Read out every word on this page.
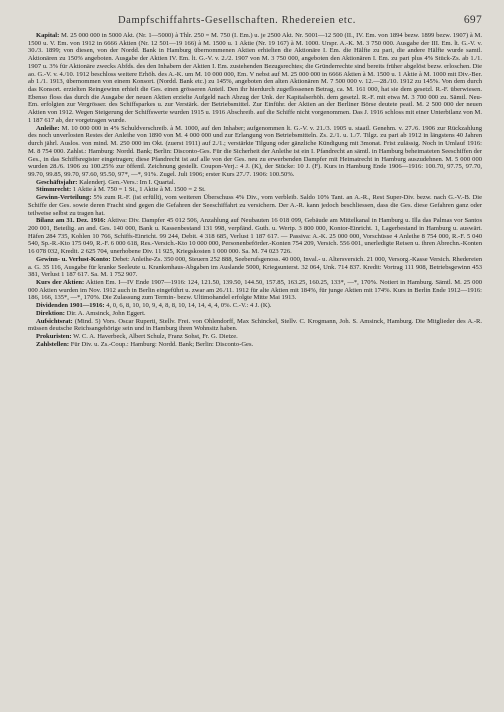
Dampfschiffahrts-Gesellschaften. Rhedereien etc.	697

Kapital: M. 25 000 000 in 5000 Akt. (Nr. 1—5000) à Thlr. 250 = M. 750 (I. Em.) u. je 2500 Akt. Nr. 5001—12 500 (II., IV. Em. von 1894 bezw. 1899 bezw. 1907) à M. 1500 u. V. Em. von 1912 in 6666 Aktien (Nr. 12 501—19 166) à M. 1500 u. 1 Aktie (Nr. 19 167) à M. 1000. Urspr. A.-K. M. 3 750 000. Ausgabe der III. Em. lt. G.-V. v. 30./3. 1899; von diesen, von der Nordd. Bank in Hamburg übernommenen Aktien erhielten die Aktionäre I. Em. die Hälfte zu pari, die andere Hälfte wurde samtl. Aktionären zu 150% angeboten. Ausgabe der Aktien IV. Em. lt. G.-V. v. 2./2. 1907 von M. 3 750 000, angeboten den Aktionären I. Em. zu pari plus 4% Stück-Zs. ab 1./1. 1907 u. 3% für Aktionäre zwecks Abfds. des den Inhabern der Aktien I. Em. zustehenden Bezugsrechtes; die Gründerrechte sind bereits früher abgelöst bezw. erloschen. Die ao. G.-V. v. 4./10. 1912 beschloss weitere Erhöh. des A.-K. um M. 10 000 000, Em. V nebst auf M. 25 000 000 in 6666 Aktien à M. 1500 u. 1 Aktie à M. 1000 mit Div.-Ber. ab 1./1. 1913, übernommen von einem Konsort. (Nordd. Bank etc.) zu 145%, angeboten den alten Aktionären M. 7 500 000 v. 12.—28./10. 1912 zu 145%. Von dem durch das Konsort. erzielten Reingewinn erhielt die Ges. einen grösseren Anteil. Den ihr hierdurch zugeflossenen Betrag, ca. M. 161 000, hat sie dem gesetzl. R.-F. überwiesen. Ebenso floss das durch die Ausgabe der neuen Aktien erzielte Aufgeld nach Abzug der Unk. der Kapitalserhöh. dem gesetzl. R.-F. mit etwa M. 3 700 000 zu. Sämtl. Neu-Em. erfolgten zur Vergrösser. des Schiffsparkes u. zur Verstärk. der Betriebsmittel. Zur Einführ. der Aktien an der Berliner Börse deutete peatl. M. 2 500 000 der neuen Aktien von 1912. Wegen Steigerung der Schiffswerte wurden 1915 u. 1916 Abschreib. auf die Schiffe nicht vorgenommen. Das J. 1916 schloss mit einer Unterbilanz von M. 1 187 617 ab, der vorgetragen wurde.

Anleihe: M. 10 000 000 in 4% Schuldverschreib. à M. 1000, auf den Inhaber; aufgenommen lt. G.-V. v. 21./3. 1905 u. staatl. Genehm. v. 27./6. 1906 zur Rückzahlung des noch unverlosten Restes der Anleihe von 1890 von M. 4 000 000 und zur Erlangung von Betriebsmitteln. Zs. 2./1. u. 1./7. Tilgz. zu pari ab 1912 in längstens 40 Jahren durch jährl. Auslos. von mind. M. 250 000 im Okt. (zuerst 1911) auf 2./1.; verstärkte Tilgung oder gänzliche Kündigung mit 3monat. Frist zulässig. Noch in Umlauf 1916: M. 8 754 000. Zahlst.: Hamburg: Nordd. Bank; Berlin: Disconto-Ges. Für die Sicherheit der Anleihe ist ein I. Pfandrecht an sämtl. in Hamburg beheimateten Seeschiffen der Ges., in das Schiffsregister eingetragen; diese Pfandrecht ist auf alle von der Ges. neu zu erwerbenden Dampfer mit Heimatrecht in Hamburg auszudehnen. M. 5 000 000 wurden 28./6. 1906 zu 100.25% zur öffentl. Zeichnung gestellt. Coupon-Verj.: 4 J. (K), der Stücke: 10 J. (F). Kurs in Hamburg Ende 1906—1916: 100.70, 97.75, 97.70, 99.70, 99.85, 99.70, 97.60, 95.50, 97*, —*, 91%. Zugel. Juli 1906; erster Kurs 27./7. 1906: 100.50%.

Geschäftsjahr: Kalenderj. Gen.-Vers.: Im I. Quartal.

Stimmrecht: 1 Aktie à M. 750 = 1 St., 1 Aktie à M. 1500 = 2 St.

Gewinn-Verteilung: 5% zum R.-F. (ist erfüllt), vom weiteren Überschuss 4% Div., vom verbleib. Saldo 10% Tant. an A.-R., Rest Super-Div. bezw. nach G.-V.-B. Die Schiffe der Ges. sowie deren Fracht sind gegen die Gefahren der Seeschiffahrt zu versichern. Der A.-R. kann jedoch beschliessen, dass die Ges. diese Gefahren ganz oder teilweise selbst zu tragen hat.

Bilanz am 31. Dez. 1916: Aktiva: Div. Dampfer 45 012 506, Anzahlung auf Neubauten 16 018 099, Gebäude am Mittelkanal in Hamburg u. Illa das Palmas vor Santos 200 001, Beteilig. an and. Ges. 140 000, Bank u. Kassenbestand 131 998, verpfänd. Guth. u. Wertp. 3 800 000, Kontor-Einricht. 1, Lagerbestand in Hamburg u. auswärt. Häfen 284 735, Kohlen 10 766, Schiffs-Einricht. 99 244, Debit. 4 318 685, Verlust 1 187 617. — Passiva: A.-K. 25 000 000, Vorschüsse 4 Anleihe 8 754 000, R.-F. 5 040 540, Sp.-R.-Kto 175 049, R.-F. 6 000 618, Res.-Versich.-Kto 10 000 000, Personenbeförder.-Konten 754 209, Versich. 556 001, unerledigte Reisen u. ihren Abrechn.-Konten 16 078 032, Kredit. 2 625 704, unerhobene Div. 11 925, Kriegskosten 1 000 000. Sa. M. 74 023 726.

Gewinn- u. Verlust-Konto: Debet: Anleihe-Zs. 350 000, Steuern 252 888, Seeberufsgenoss. 40 000, Inval.- u. Altersversich. 21 000, Versorg.-Kasse Versich. Rhedereien a. G. 35 116, Ausgabe für kranke Seeleute u. Krankenhaus-Abgaben im Auslande 5000, Kriegsunterst. 32 064, Unk. 714 837. Kredit: Vortrag 111 908, Betriebsgewinn 453 381, Verlust 1 187 617. Sa. M. 1 752 907.

Kurs der Aktien: Aktien Em. I—IV Ende 1907—1916: 124, 121.50, 139.50, 144.50, 157.85, 163.25, 160.25, 133*, —*, 170%. Notiert in Hamburg. Sämtl. M. 25 000 000 Aktien wurden im Nov. 1912 auch in Berlin eingeführt u. zwar am 26./11. 1912 für alte Aktien mit 184%, für junge Aktien mit 174%. Kurs in Berlin Ende 1912—1916: 186, 166, 135*, —*, 170%. Die Zulassung zum Termin- bezw. Ultimohandel erfolgte Mitte Mai 1913.

Dividenden 1901—1916: 4, 0, 6, 8, 10, 10, 9, 4, 8, 8, 10, 14, 14, 4, 4, 0%. C.-V.: 4 J. (K).

Direktion: Dir. A. Amsinck, John Eggert.

Aufsichtsrat: (Mind. 5) Vors. Oscar Ruperti, Stellv. Frei. von Ohlendorff, Max Schinckel, Stellv. C. Krogmann, Joh. S. Amsinck, Hamburg. Die Mitglieder des A.-R. müssen deutsche Reichsangehörige sein und in Hamburg ihren Wohnsitz haben.

Prokuristen: W. C. A. Haverbeck, Albert Schulz, Franz Sohst, Fr. G. Dietze.

Zahlstellen: Für Div. u. Zs.-Coup.: Hamburg: Nordd. Bank; Berlin: Disconto-Ges.
